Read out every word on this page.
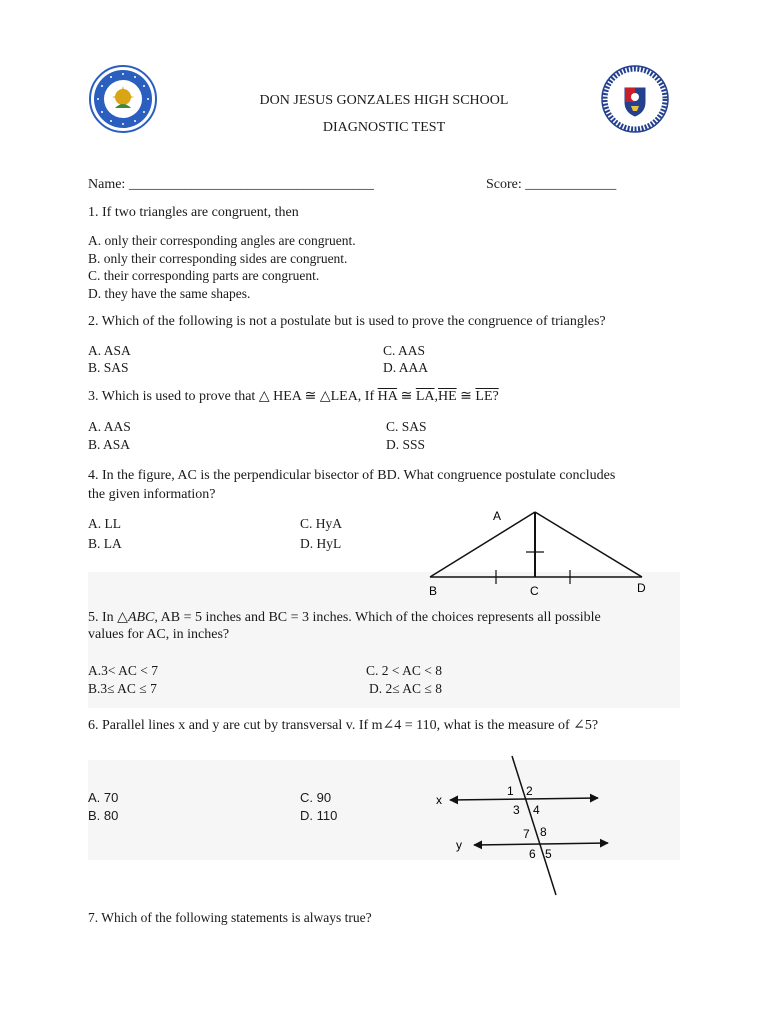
DON JESUS GONZALES HIGH SCHOOL
DIAGNOSTIC TEST
Name: ___________________________________	Score: _____________
1. If two triangles are congruent, then
A. only their corresponding angles are congruent.
B. only their corresponding sides are congruent.
C. their corresponding parts are congruent.
D. they have the same shapes.
2. Which of the following is not a postulate but is used to prove the congruence of triangles?
A. ASA
B. SAS
C. AAS
D. AAA
3. Which is used to prove that △ HEA ≅ △LEA, If $\overline{HA}$ ≅ $\overline{LA},\overline{HE}$ ≅ LE?
A. AAS
B. ASA
C. SAS
D. SSS
4. In the figure, AC is the perpendicular bisector of BD. What congruence postulate concludes
the given information?
A. LL
B. LA
C. HyA
D. HyL
A
B	C	D
5. In △ABC, AB = 5 inches and BC = 3 inches. Which of the choices represents all possible
values for AC, in inches?
A.3< AC < 7
B.3≤ AC ≤ 7
C. 2 < AC < 8
D. 2≤ AC ≤ 8
6. Parallel lines x and y are cut by transversal v. If m∠4 = 110, what is the measure of ∠5?
A. 70
B. 80
C. 90
D. 110
x
y
1 2
3 4
7 8
6 5
7. Which of the following statements is always true?
